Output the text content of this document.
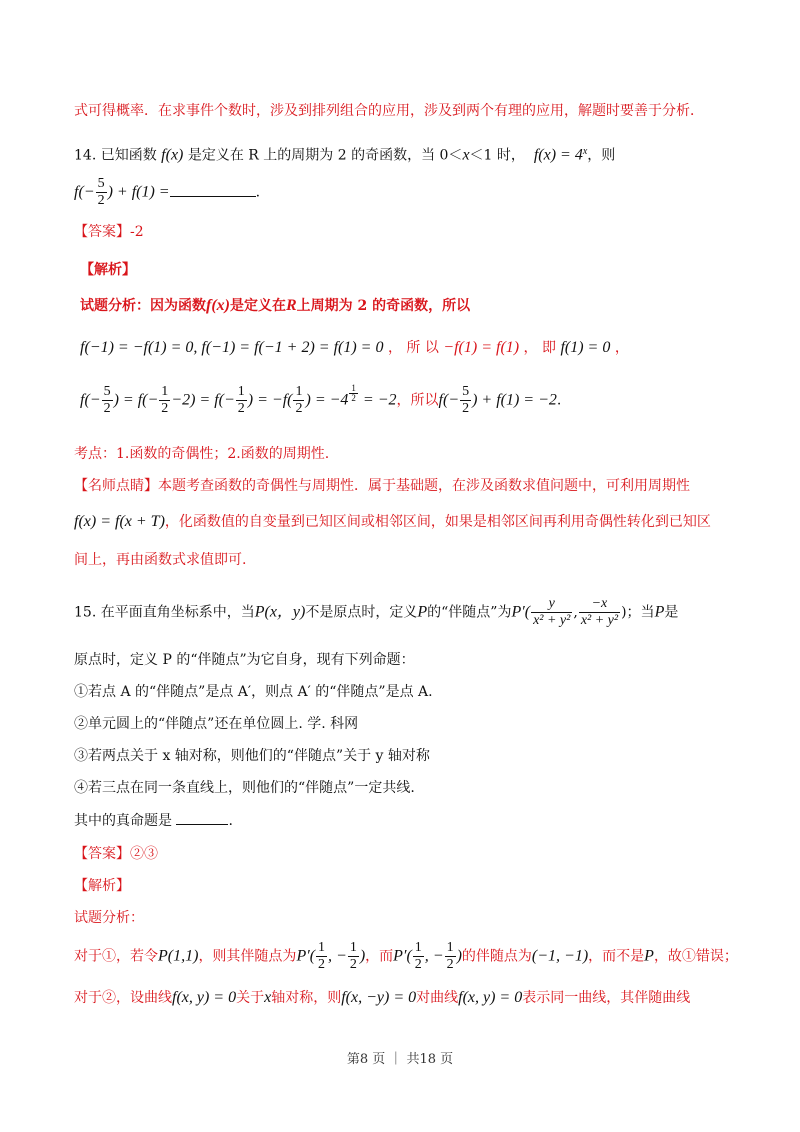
式可得概率．在求事件个数时，涉及到排列组合的应用，涉及到两个有理的应用，解题时要善于分析．
14. 已知函数 f(x) 是定义在 R 上的周期为 2 的奇函数，当 0＜x＜1 时， $f(x) = 4^x$，则
$f(- \frac{5}{2}$ ) + f(1) =	.
【答案】-2
【解析】
试题分析：因为函数f(x)是定义在R上周期为 2 的奇函数，所以
f(−1) = −f(1) = 0, f(−1) = f(−1 + 2) = f(1) = 0 ， 所 以 −f(1) = f(1) ， 即 f(1) = 0 ，
$f(- \frac{5}{2}$ ) = $f(- \frac{1}{2} -2) = f(- \frac{1}{2}$ ) = $-f( \frac{1}{2}$ ) = $-4 \frac{1}{2} = -2$，所以$f(- \frac{5}{2}$ ) + f(1) = −2.
考点：1.函数的奇偶性；2.函数的周期性.
【名师点睛】本题考查函数的奇偶性与周期性．属于基础题，在涉及函数求值问题中，可利用周期性
f(x) = f(x + T)，化函数值的自变量到已知区间或相邻区间，如果是相邻区间再利用奇偶性转化到已知区
间上，再由函数式求值即可.
15. 在平面直角坐标系中，当P(x，y)不是原点时，定义P的“伴随点”为$P'( \frac{y}{\text{x² + y²}}$ , $\frac{-x}{\text{x² + y²}}$ )；当P是
原点时，定义 P 的“伴随点”为它自身，现有下列命题：
①若点 A 的“伴随点”是点 A′，则点 A′ 的“伴随点”是点 A.
②单元圆上的“伴随点”还在单位圆上. 学. 科网
③若两点关于 x 轴对称，则他们的“伴随点”关于 y 轴对称
④若三点在同一条直线上，则他们的“伴随点”一定共线.
其中的真命题是	.
【答案】②③
【解析】
试题分析：
对于①，若令P(1,1)，则其伴随点为$P'( \frac{1}{2}$ , − $\frac{1}{2}$ )，而$P'( \frac{1}{2}$ , − $\frac{1}{2}$ )的伴随点为(−1, −1)，而不是P，故①错误；
对于②，设曲线f(x, y) = 0关于x轴对称，则f(x, −y) = 0对曲线f(x, y) = 0表示同一曲线，其伴随曲线
第8 页 ｜ 共18 页
